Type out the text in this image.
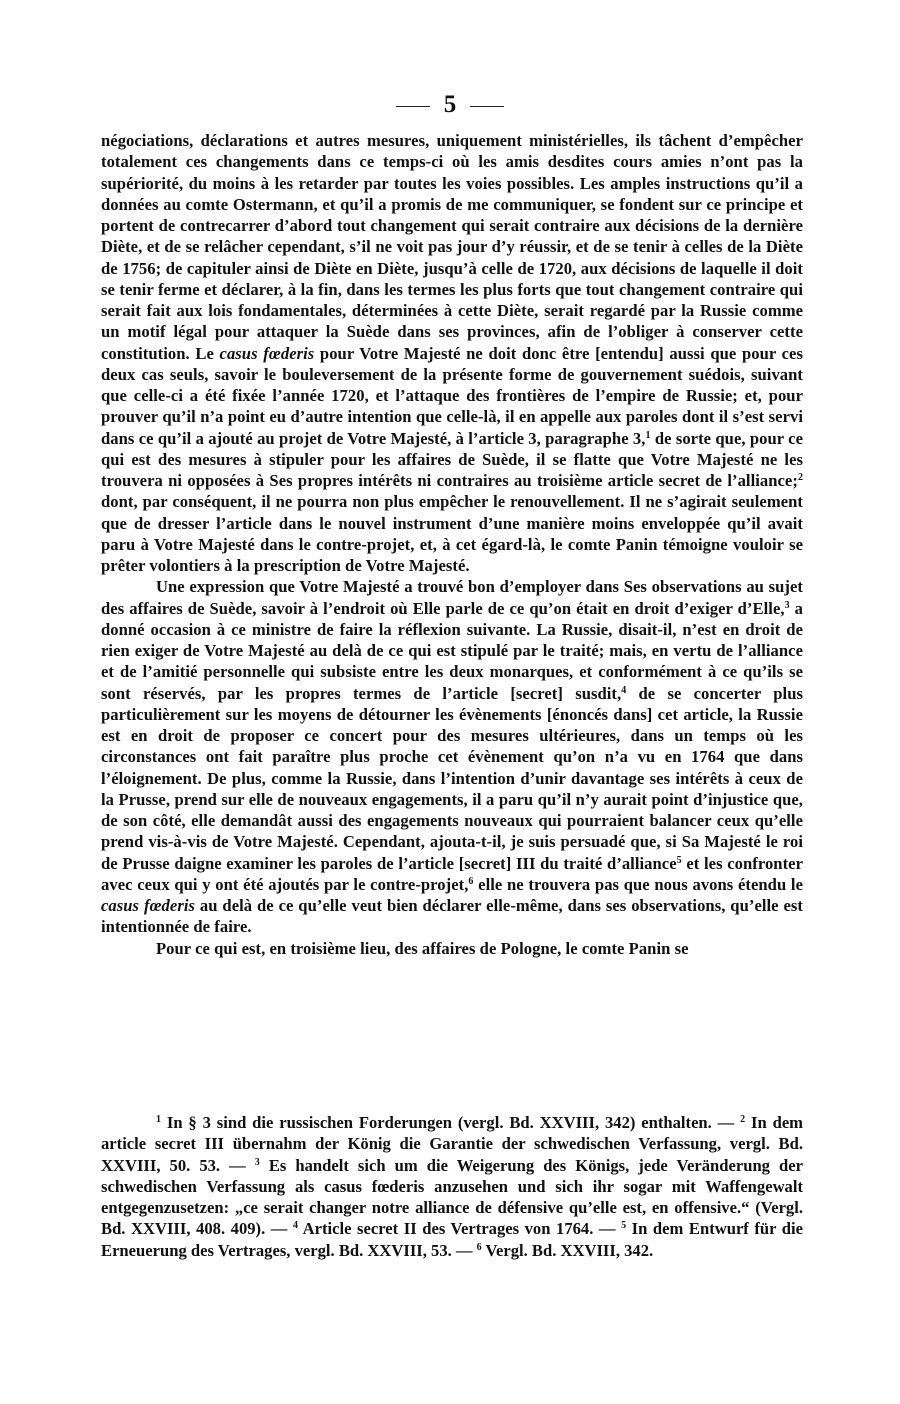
5

négociations, déclarations et autres mesures, uniquement ministérielles, ils tâchent d’empêcher totalement ces changements dans ce temps-ci où les amis desdites cours amies n’ont pas la supériorité, du moins à les retarder par toutes les voies possibles. Les amples instructions qu’il a données au comte Ostermann, et qu’il a promis de me communiquer, se fondent sur ce principe et portent de contrecarrer d’abord tout changement qui serait contraire aux décisions de la dernière Diète, et de se relâcher cependant, s’il ne voit pas jour d’y réussir, et de se tenir à celles de la Diète de 1756; de capituler ainsi de Diète en Diète, jusqu’à celle de 1720, aux décisions de laquelle il doit se tenir ferme et déclarer, à la fin, dans les termes les plus forts que tout changement contraire qui serait fait aux lois fondamentales, déterminées à cette Diète, serait regardé par la Russie comme un motif légal pour attaquer la Suède dans ses provinces, afin de l’obliger à conserver cette constitution. Le casus fœderis pour Votre Majesté ne doit donc être [entendu] aussi que pour ces deux cas seuls, savoir le bouleversement de la présente forme de gouvernement suédois, suivant que celle-ci a été fixée l’année 1720, et l’attaque des frontières de l’empire de Russie; et, pour prouver qu’il n’a point eu d’autre intention que celle-là, il en appelle aux paroles dont il s’est servi dans ce qu’il a ajouté au projet de Votre Majesté, à l’article 3, paragraphe 3,$^1$ de sorte que, pour ce qui est des mesures à stipuler pour les affaires de Suède, il se flatte que Votre Majesté ne les trouvera ni opposées à Ses propres intérêts ni contraires au troisième article secret de l’alliance;$^2$ dont, par conséquent, il ne pourra non plus empêcher le renouvellement. Il ne s’agirait seulement que de dresser l’article dans le nouvel instrument d’une manière moins enveloppée qu’il avait paru à Votre Majesté dans le contre-projet, et, à cet égard-là, le comte Panin témoigne vouloir se prêter volontiers à la prescription de Votre Majesté.

Une expression que Votre Majesté a trouvé bon d’employer dans Ses observations au sujet des affaires de Suède, savoir à l’endroit où Elle parle de ce qu’on était en droit d’exiger d’Elle,$^3$ a donné occasion à ce ministre de faire la réflexion suivante. La Russie, disait-il, n’est en droit de rien exiger de Votre Majesté au delà de ce qui est stipulé par le traité; mais, en vertu de l’alliance et de l’amitié personnelle qui subsiste entre les deux monarques, et conformément à ce qu’ils se sont réservés, par les propres termes de l’article [secret] susdit,$^4$ de se concerter plus particulièrement sur les moyens de détourner les évènements [énoncés dans] cet article, la Russie est en droit de proposer ce concert pour des mesures ultérieures, dans un temps où les circonstances ont fait paraître plus proche cet évènement qu’on n’a vu en 1764 que dans l’éloignement. De plus, comme la Russie, dans l’intention d’unir davantage ses intérêts à ceux de la Prusse, prend sur elle de nouveaux engagements, il a paru qu’il n’y aurait point d’injustice que, de son côté, elle demandât aussi des engagements nouveaux qui pourraient balancer ceux qu’elle prend vis-à-vis de Votre Majesté. Cependant, ajouta-t-il, je suis persuadé que, si Sa Majesté le roi de Prusse daigne examiner les paroles de l’article [secret] III du traité d’alliance$^5$ et les confronter avec ceux qui y ont été ajoutés par le contre-projet,$^6$ elle ne trouvera pas que nous avons étendu le casus fœderis au delà de ce qu’elle veut bien déclarer elle-même, dans ses observations, qu’elle est intentionnée de faire.

Pour ce qui est, en troisième lieu, des affaires de Pologne, le comte Panin se

$^1$ In § 3 sind die russischen Forderungen (vergl. Bd. XXVIII, 342) enthalten. — $^2$ In dem article secret III übernahm der König die Garantie der schwedischen Verfassung, vergl. Bd. XXVIII, 50. 53. — $^3$ Es handelt sich um die Weigerung des Königs, jede Veränderung der schwedischen Verfassung als casus fœderis anzusehen und sich ihr sogar mit Waffengewalt entgegenzusetzen: „ce serait changer notre alliance de défensive qu’elle est, en offensive.“ (Vergl. Bd. XXVIII, 408. 409). — $^4$ Article secret II des Vertrages von 1764. — $^5$ In dem Entwurf für die Erneuerung des Vertrages, vergl. Bd. XXVIII, 53. — $^6$ Vergl. Bd. XXVIII, 342.
